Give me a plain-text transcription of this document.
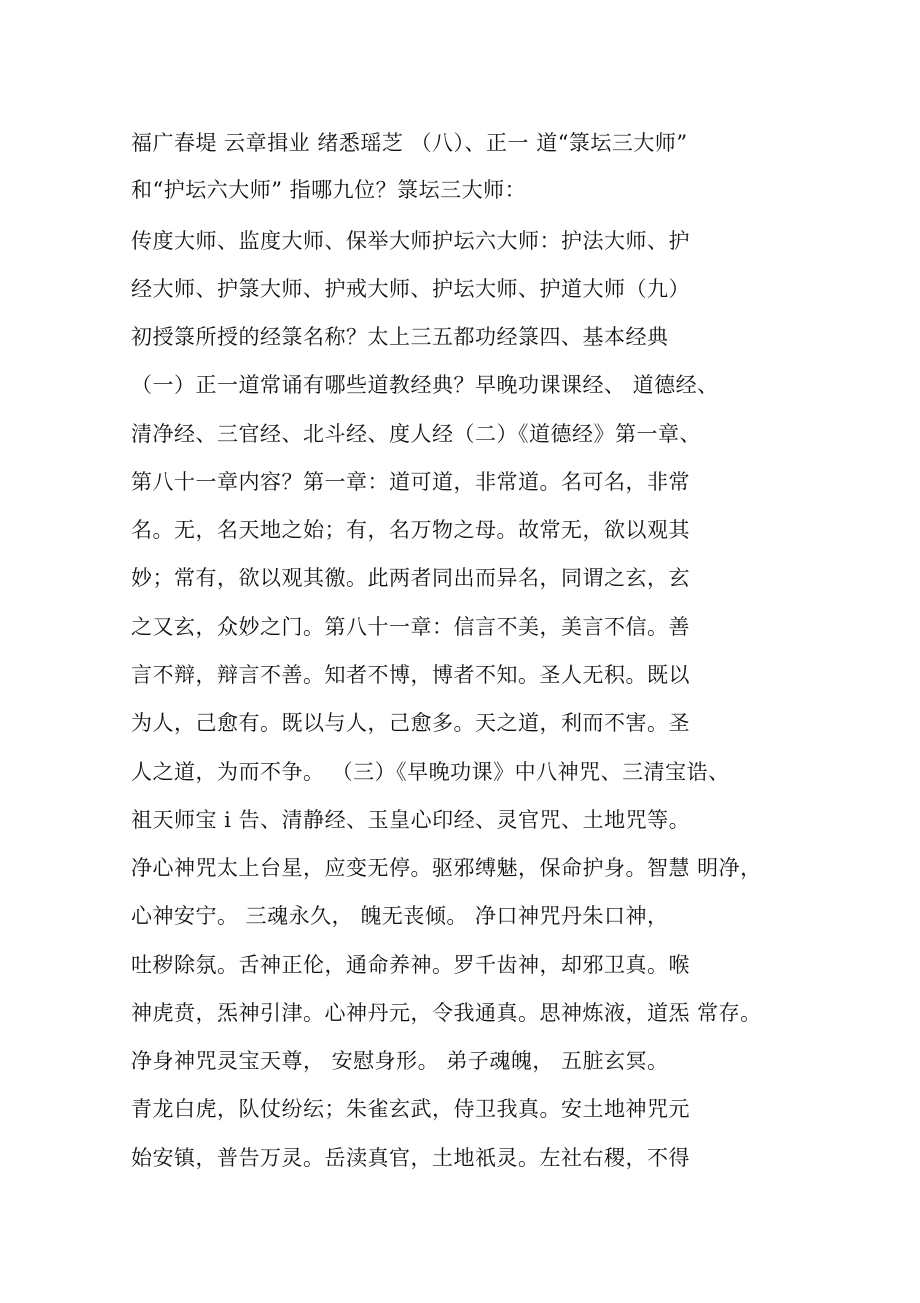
福广春堤 云章揖业 绪悉瑶芝 （八）、正一 道“箓坛三大师”
和“护坛六大师” 指哪九位？箓坛三大师：
传度大师、监度大师、保举大师护坛六大师：护法大师、护
经大师、护箓大师、护戒大师、护坛大师、护道大师（九）
初授箓所授的经箓名称？太上三五都功经箓四、基本经典
（一）正一道常诵有哪些道教经典？早晚功课课经、 道德经、
清净经、三官经、北斗经、度人经（二）《道德经》第一章、
第八十一章内容？第一章：道可道，非常道。名可名，非常
名。无，名天地之始；有，名万物之母。故常无，欲以观其
妙；常有，欲以观其徼。此两者同出而异名，同谓之玄，玄
之又玄，众妙之门。第八十一章：信言不美，美言不信。善
言不辩，辩言不善。知者不博，博者不知。圣人无积。既以
为人，己愈有。既以与人，己愈多。天之道，利而不害。圣
人之道，为而不争。 （三）《早晚功课》中八神咒、三清宝诰、
祖天师宝 i 告、清静经、玉皇心印经、灵官咒、土地咒等。
净心神咒太上台星，应变无停。驱邪缚魅，保命护身。智慧 明净，
心神安宁。 三魂永久， 魄无丧倾。 净口神咒丹朱口神，
吐秽除氛。舌神正伦，通命养神。罗千齿神，却邪卫真。喉
神虎贲，炁神引津。心神丹元，令我通真。思神炼液，道炁 常存。
净身神咒灵宝天尊， 安慰身形。 弟子魂魄， 五脏玄冥。
青龙白虎，队仗纷纭；朱雀玄武，侍卫我真。安土地神咒元
始安镇，普告万灵。岳渎真官，土地祇灵。左社右稷，不得
